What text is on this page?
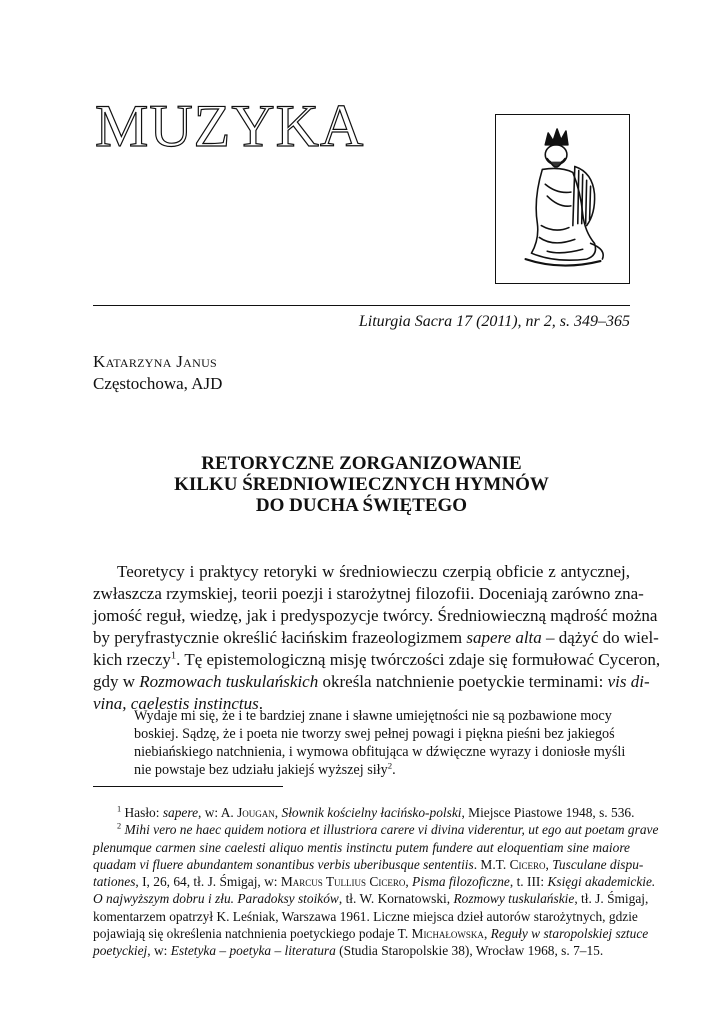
MUZYKA
Liturgia Sacra 17 (2011), nr 2, s. 349–365
Katarzyna Janus
Częstochowa, AJD
RETORYCZNE ZORGANIZOWANIE
KILKU ŚREDNIOWIECZNYCH HYMNÓW
DO DUCHA ŚWIĘTEGO
Teoretycy i praktycy retoryki w średniowieczu czerpią obficie z antycznej,
zwłaszcza rzymskiej, teorii poezji i starożytnej filozofii. Doceniają zarówno zna-
jomość reguł, wiedzę, jak i predyspozycje twórcy. Średniowieczną mądrość można
by peryfrastycznie określić łacińskim frazeologizmem sapere alta – dążyć do wiel-
kich rzeczy$^1$. Tę epistemologiczną misję twórczości zdaje się formułować Cyceron,
gdy w Rozmowach tuskulańskich określa natchnienie poetyckie terminami: vis di-
vina, caelestis instinctus.
Wydaje mi się, że i te bardziej znane i sławne umiejętności nie są pozbawione mocy
boskiej. Sądzę, że i poeta nie tworzy swej pełnej powagi i piękna pieśni bez jakiegoś
niebiańskiego natchnienia, i wymowa obfitująca w dźwięczne wyrazy i doniosłe myśli
nie powstaje bez udziału jakiejś wyższej siły$^2$.
$^1$ Hasło: sapere, w: A. Jougan, Słownik kościelny łacińsko-polski, Miejsce Piastowe 1948, s. 536.
$^2$ Mihi vero ne haec quidem notiora et illustriora carere vi divina viderentur, ut ego aut poetam grave
plenumque carmen sine caelesti aliquo mentis instinctu putem fundere aut eloquentiam sine maiore
quadam vi fluere abundantem sonantibus verbis uberibusque sententiis. M.T. Cicero, Tusculane dispu-
tationes, I, 26, 64, tł. J. Śmigaj, w: Marcus Tullius Cicero, Pisma filozoficzne, t. III: Księgi akademickie.
O najwyższym dobru i złu. Paradoksy stoików, tł. W. Kornatowski, Rozmowy tuskulańskie, tł. J. Śmigaj,
komentarzem opatrzył K. Leśniak, Warszawa 1961. Liczne miejsca dzieł autorów starożytnych, gdzie
pojawiają się określenia natchnienia poetyckiego podaje T. Michałowska, Reguły w staropolskiej sztuce
poetyckiej, w: Estetyka – poetyka – literatura (Studia Staropolskie 38), Wrocław 1968, s. 7–15.
